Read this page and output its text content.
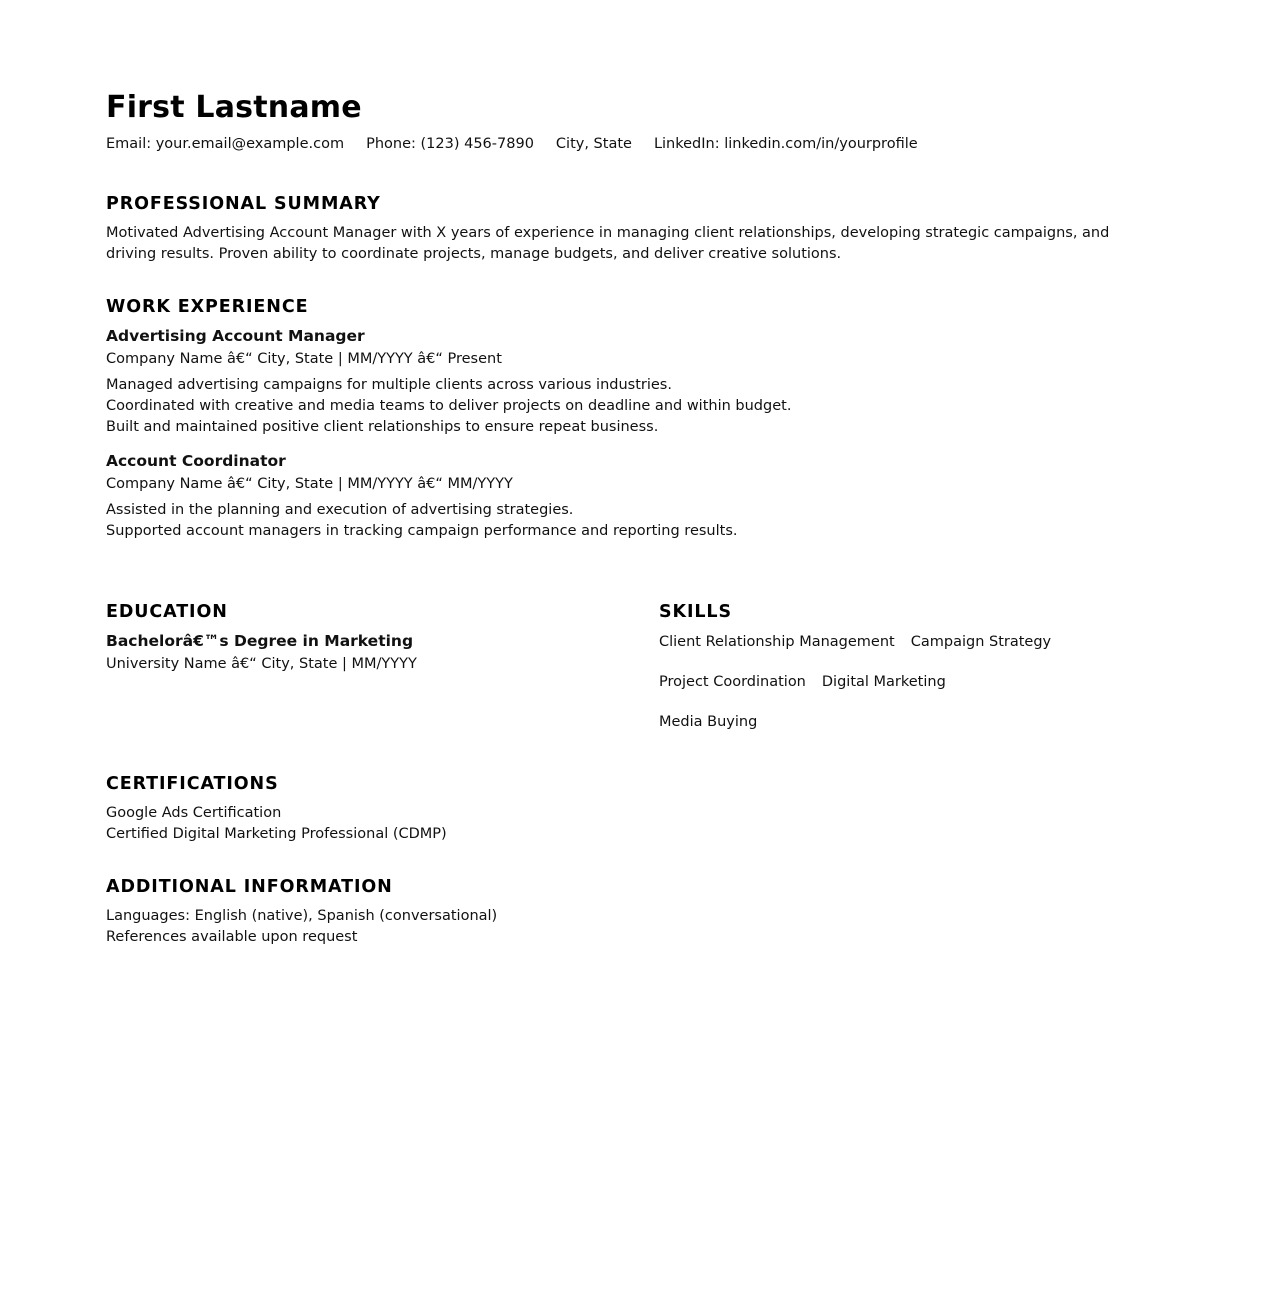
First Lastname
Email: your.email@example.com Phone: (123) 456-7890 City, State LinkedIn: linkedin.com/in/yourprofile
PROFESSIONAL SUMMARY

Motivated Advertising Account Manager with X years of experience in managing client relationships, developing strategic campaigns, and driving results. Proven ability to coordinate projects, manage budgets, and deliver creative solutions.

WORK EXPERIENCE
Advertising Account Manager
Company Name â€“ City, State | MM/YYYY â€“ Present
Managed advertising campaigns for multiple clients across various industries.
Coordinated with creative and media teams to deliver projects on deadline and within budget.
Built and maintained positive client relationships to ensure repeat business.
Account Coordinator
Company Name â€“ City, State | MM/YYYY â€“ MM/YYYY
Assisted in the planning and execution of advertising strategies.
Supported account managers in tracking campaign performance and reporting results.
EDUCATION
Bachelorâ€™s Degree in Marketing
University Name â€“ City, State | MM/YYYY
SKILLS
Client Relationship Management Campaign Strategy
Project Coordination Digital Marketing
Media Buying
CERTIFICATIONS
Google Ads Certification
Certified Digital Marketing Professional (CDMP)
ADDITIONAL INFORMATION
Languages: English (native), Spanish (conversational)
References available upon request
